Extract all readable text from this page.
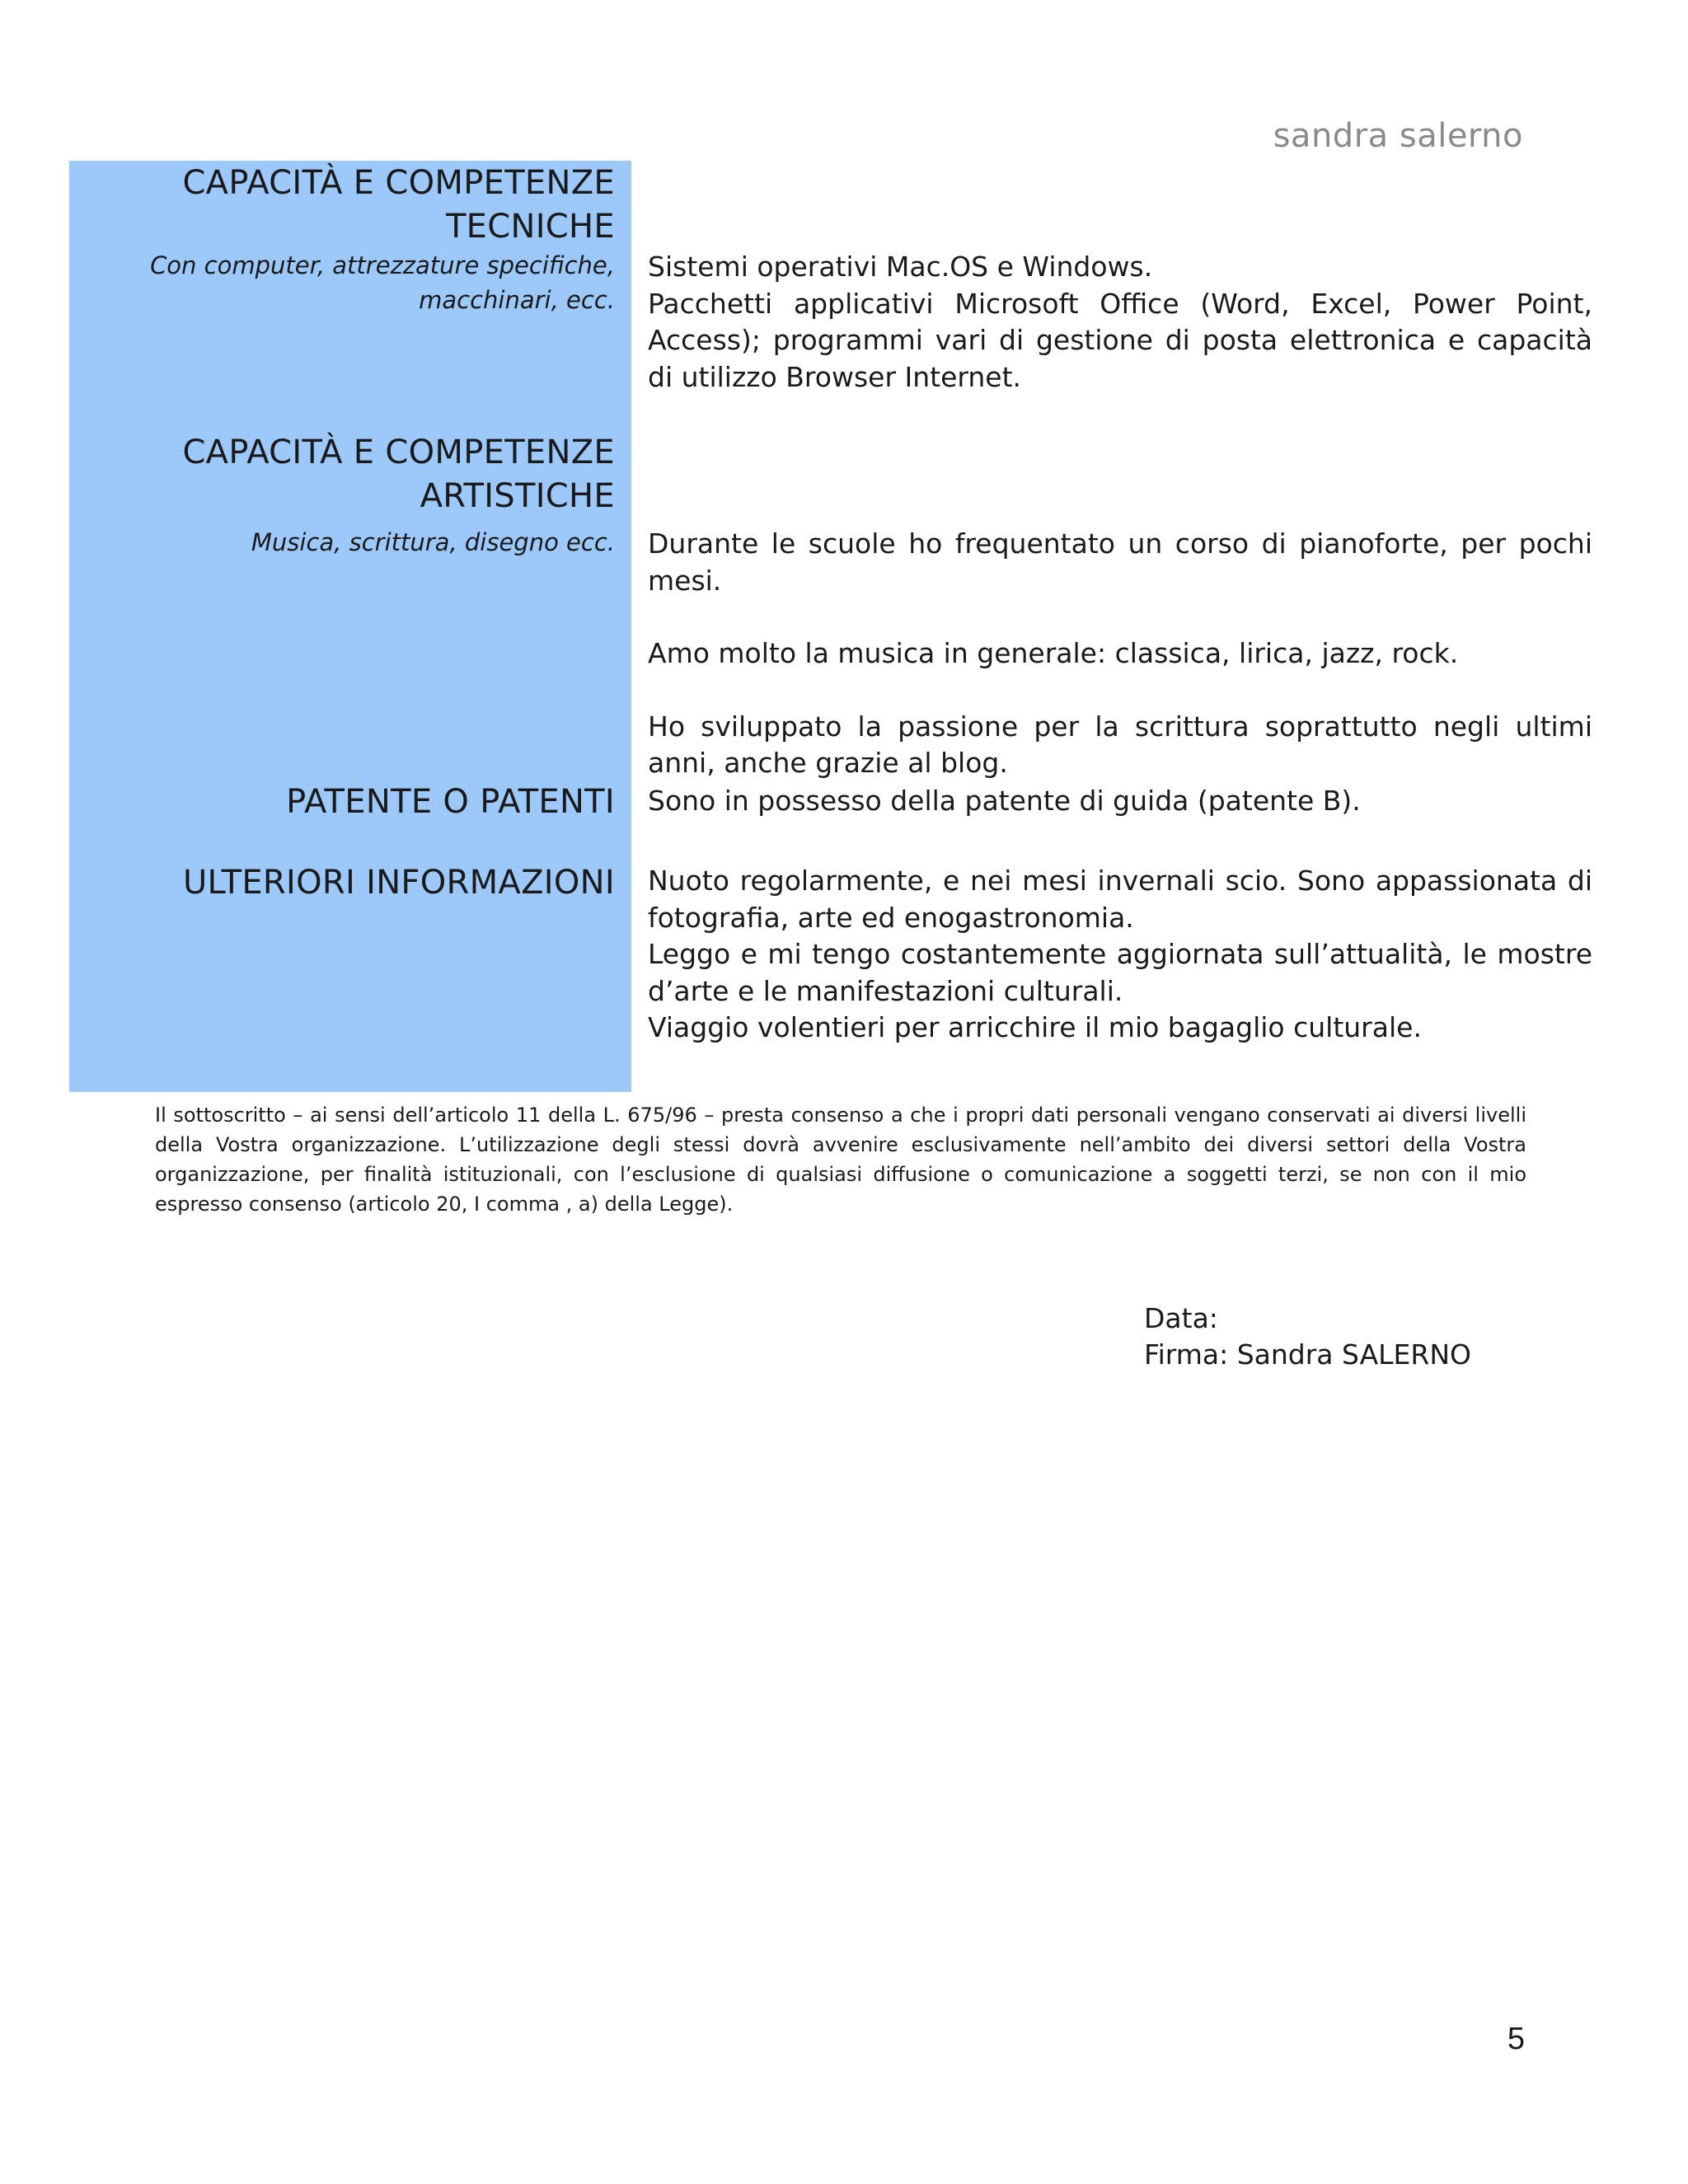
sandra salerno
CAPACITÀ E COMPETENZE
TECNICHE
Con computer, attrezzature specifiche,
macchinari, ecc.

Sistemi operativi Mac.OS e Windows.

Pacchetti applicativi Microsoft Office (Word, Excel, Power Point, Access); programmi vari di gestione di posta elettronica e capacità di utilizzo Browser Internet.

CAPACITÀ E COMPETENZE
ARTISTICHE
Musica, scrittura, disegno ecc. Durante le scuole ho frequentato un corso di pianoforte, per pochi mesi.

Amo molto la musica in generale: classica, lirica, jazz, rock.

Ho sviluppato la passione per la scrittura soprattutto negli ultimi anni, anche grazie al blog.

PATENTE O PATENTI Sono in possesso della patente di guida (patente B).

ULTERIORI INFORMAZIONI Nuoto regolarmente, e nei mesi invernali scio. Sono appassionata di fotografia, arte ed enogastronomia.

Leggo e mi tengo costantemente aggiornata sull’attualità, le mostre d’arte e le manifestazioni culturali.

Viaggio volentieri per arricchire il mio bagaglio culturale.

Il sottoscritto – ai sensi dell’articolo 11 della L. 675/96 – presta consenso a che i propri dati personali vengano conservati ai diversi livelli della Vostra organizzazione. L’utilizzazione degli stessi dovrà avvenire esclusivamente nell’ambito dei diversi settori della Vostra organizzazione, per finalità istituzionali, con l’esclusione di qualsiasi diffusione o comunicazione a soggetti terzi, se non con il mio espresso consenso (articolo 20, I comma , a) della Legge).
Data:
Firma: Sandra SALERNO
5
